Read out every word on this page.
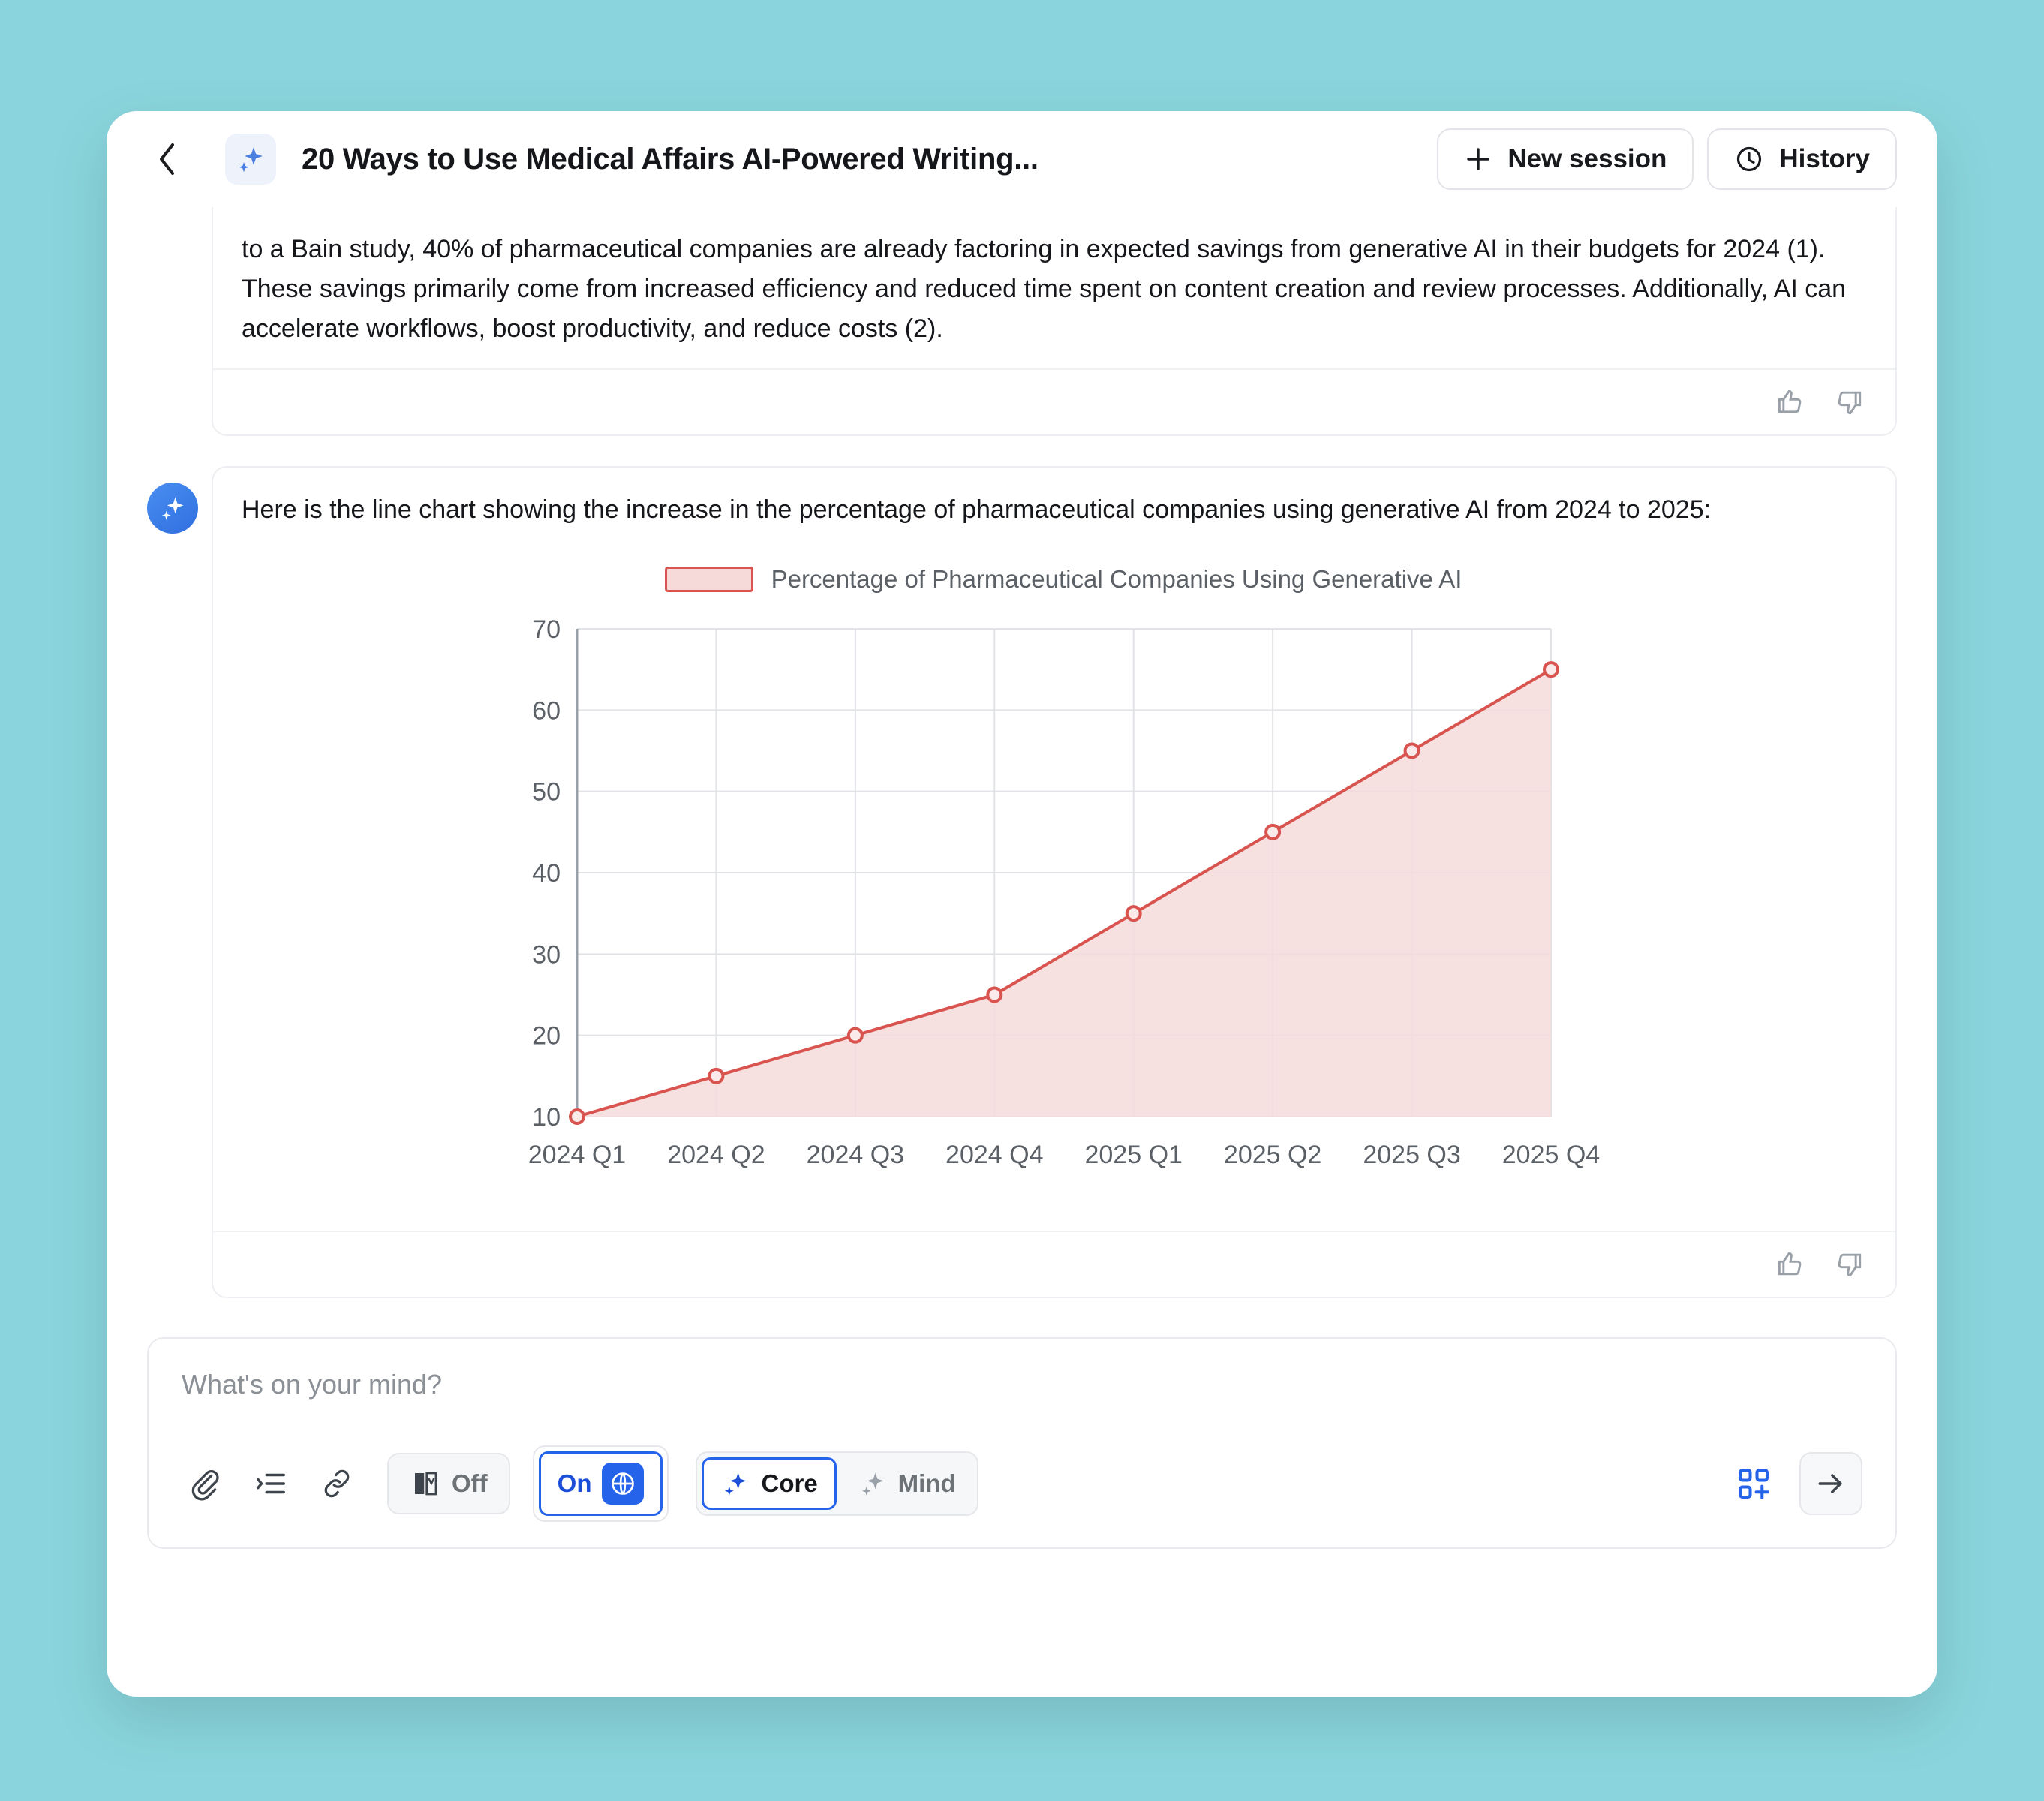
20 Ways to Use Medical Affairs AI-Powered Writing...	New session	History

to a Bain study, 40% of pharmaceutical companies are already factoring in expected savings from generative AI in their budgets for 2024 (1). These savings primarily come from increased efficiency and reduced time spent on content creation and review processes. Additionally, AI can accelerate workflows, boost productivity, and reduce costs (2).

Here is the line chart showing the increase in the percentage of pharmaceutical companies using generative AI from 2024 to 2025:

Percentage of Pharmaceutical Companies Using Generative AI
10
20
30
40
50
60
70
2024 Q1 2024 Q2 2024 Q3 2024 Q4 2025 Q1 2025 Q2 2025 Q3 2025 Q4
What's on your mind?
Off	On	Core	Mind
